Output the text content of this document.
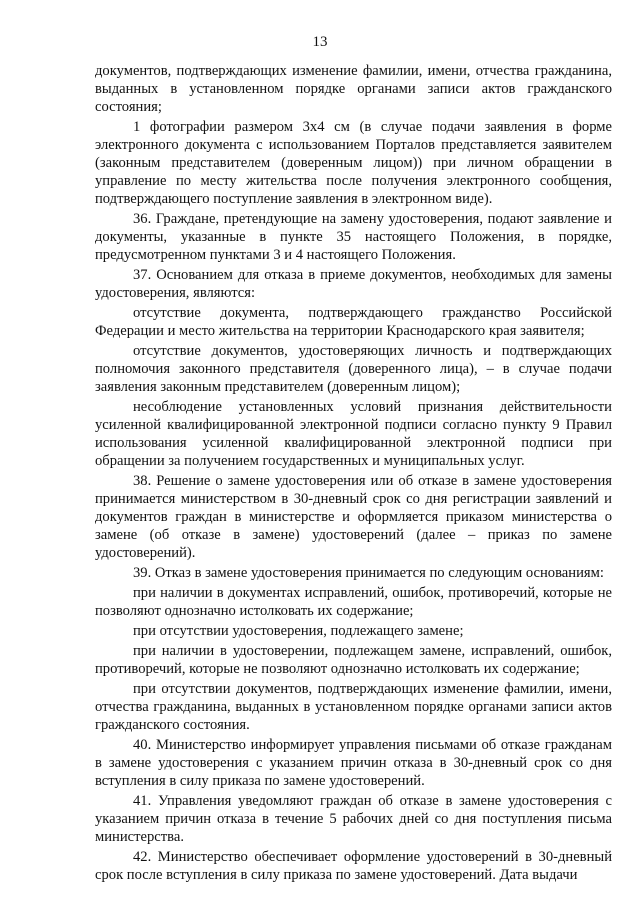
13

документов, подтверждающих изменение фамилии, имени, отчества гражданина, выданных в установленном порядке органами записи актов гражданского состояния;

1 фотографии размером 3х4 см (в случае подачи заявления в форме электронного документа с использованием Порталов представляется заявителем (законным представителем (доверенным лицом)) при личном обращении в управление по месту жительства после получения электронного сообщения, подтверждающего поступление заявления в электронном виде).

36. Граждане, претендующие на замену удостоверения, подают заявление и документы, указанные в пункте 35 настоящего Положения, в порядке, предусмотренном пунктами 3 и 4 настоящего Положения.

37. Основанием для отказа в приеме документов, необходимых для замены удостоверения, являются:

отсутствие документа, подтверждающего гражданство Российской Федерации и место жительства на территории Краснодарского края заявителя;

отсутствие документов, удостоверяющих личность и подтверждающих полномочия законного представителя (доверенного лица), – в случае подачи заявления законным представителем (доверенным лицом);

несоблюдение установленных условий признания действительности усиленной квалифицированной электронной подписи согласно пункту 9 Правил использования усиленной квалифицированной электронной подписи при обращении за получением государственных и муниципальных услуг.

38. Решение о замене удостоверения или об отказе в замене удостоверения принимается министерством в 30-дневный срок со дня регистрации заявлений и документов граждан в министерстве и оформляется приказом министерства о замене (об отказе в замене) удостоверений (далее – приказ по замене удостоверений).

39. Отказ в замене удостоверения принимается по следующим основаниям:

при наличии в документах исправлений, ошибок, противоречий, которые не позволяют однозначно истолковать их содержание;

при отсутствии удостоверения, подлежащего замене;

при наличии в удостоверении, подлежащем замене, исправлений, ошибок, противоречий, которые не позволяют однозначно истолковать их содержание;

при отсутствии документов, подтверждающих изменение фамилии, имени, отчества гражданина, выданных в установленном порядке органами записи актов гражданского состояния.

40. Министерство информирует управления письмами об отказе гражданам в замене удостоверения с указанием причин отказа в 30-дневный срок со дня вступления в силу приказа по замене удостоверений.

41. Управления уведомляют граждан об отказе в замене удостоверения с указанием причин отказа в течение 5 рабочих дней со дня поступления письма министерства.

42. Министерство обеспечивает оформление удостоверений в 30-дневный срок после вступления в силу приказа по замене удостоверений. Дата выдачи
